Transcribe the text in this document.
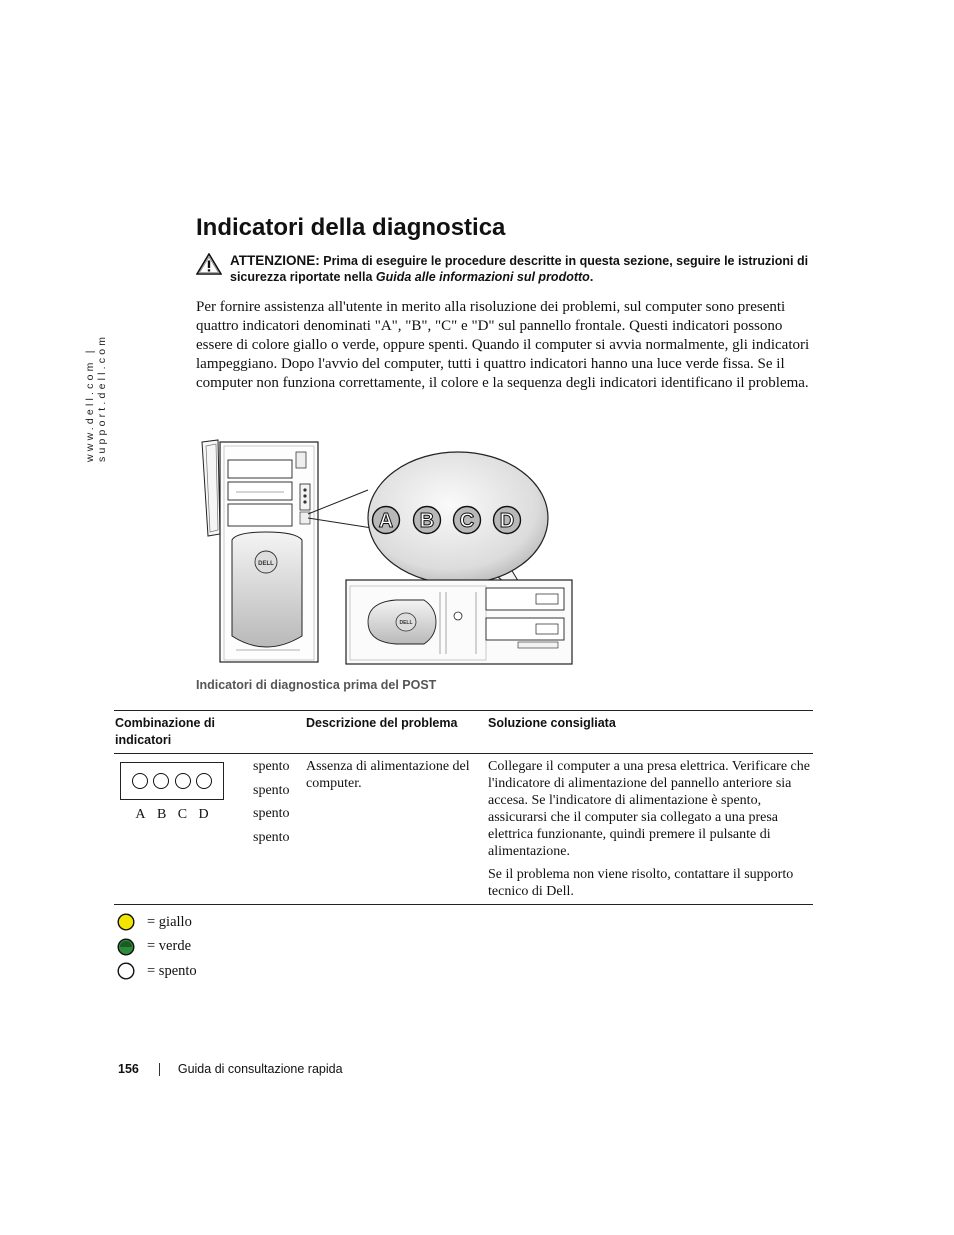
www.dell.com | support.dell.com
Indicatori della diagnostica
ATTENZIONE: Prima di eseguire le procedure descritte in questa sezione, seguire le istruzioni di sicurezza riportate nella Guida alle informazioni sul prodotto.

Per fornire assistenza all'utente in merito alla risoluzione dei problemi, sul computer sono presenti quattro indicatori denominati "A", "B", "C" e "D" sul pannello frontale. Questi indicatori possono essere di colore giallo o verde, oppure spenti. Quando il computer si avvia normalmente, gli indicatori lampeggiano. Dopo l'avvio del computer, tutti i quattro indicatori hanno una luce verde fissa. Se il computer non funziona correttamente, il colore e la sequenza degli indicatori identificano il problema.

DELL
DELL
A B C D
Indicatori di diagnostica prima del POST
Combinazione di indicatori
Descrizione del problema Soluzione consigliata
A B C D
spento
spento
spento
spento
Assenza di alimentazione del computer.

Collegare il computer a una presa elettrica. Verificare che l'indicatore di alimentazione del pannello anteriore sia accesa. Se l'indicatore di alimentazione è spento, assicurarsi che il computer sia collegato a una presa elettrica funzionante, quindi premere il pulsante di alimentazione.

Se il problema non viene risolto, contattare il supporto tecnico di Dell.

= giallo
= verde
= spento
156	Guida di consultazione rapida
